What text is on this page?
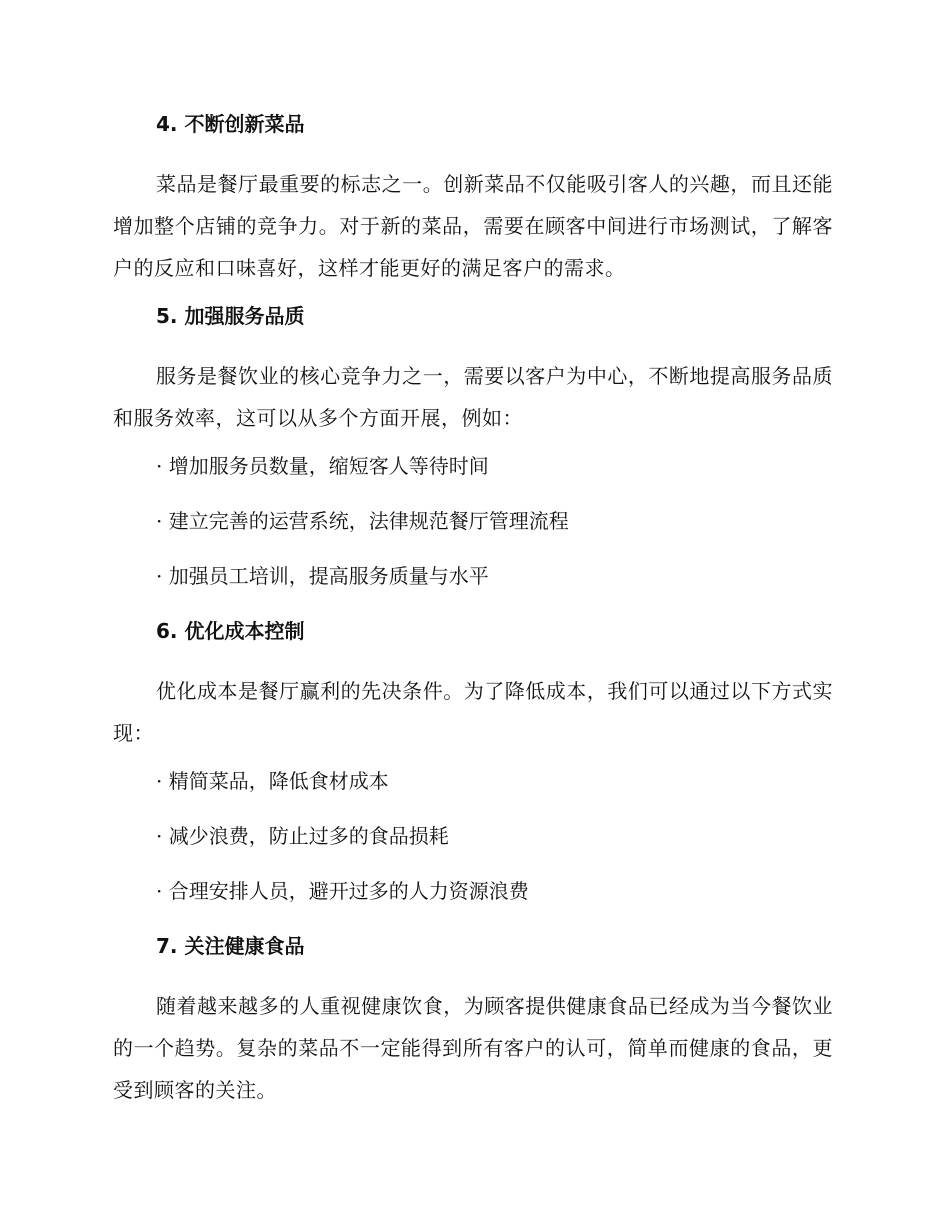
4. 不断创新菜品
菜品是餐厅最重要的标志之一。创新菜品不仅能吸引客人的兴趣，而且还能增加整个店铺的竞争力。对于新的菜品，需要在顾客中间进行市场测试，了解客户的反应和口味喜好，这样才能更好的满足客户的需求。
5. 加强服务品质
服务是餐饮业的核心竞争力之一，需要以客户为中心，不断地提高服务品质和服务效率，这可以从多个方面开展，例如：
· 增加服务员数量，缩短客人等待时间
· 建立完善的运营系统，法律规范餐厅管理流程
· 加强员工培训，提高服务质量与水平
6. 优化成本控制
优化成本是餐厅赢利的先决条件。为了降低成本，我们可以通过以下方式实现：
· 精简菜品，降低食材成本
· 减少浪费，防止过多的食品损耗
· 合理安排人员，避开过多的人力资源浪费
7. 关注健康食品
随着越来越多的人重视健康饮食，为顾客提供健康食品已经成为当今餐饮业的一个趋势。复杂的菜品不一定能得到所有客户的认可，简单而健康的食品，更受到顾客的关注。
